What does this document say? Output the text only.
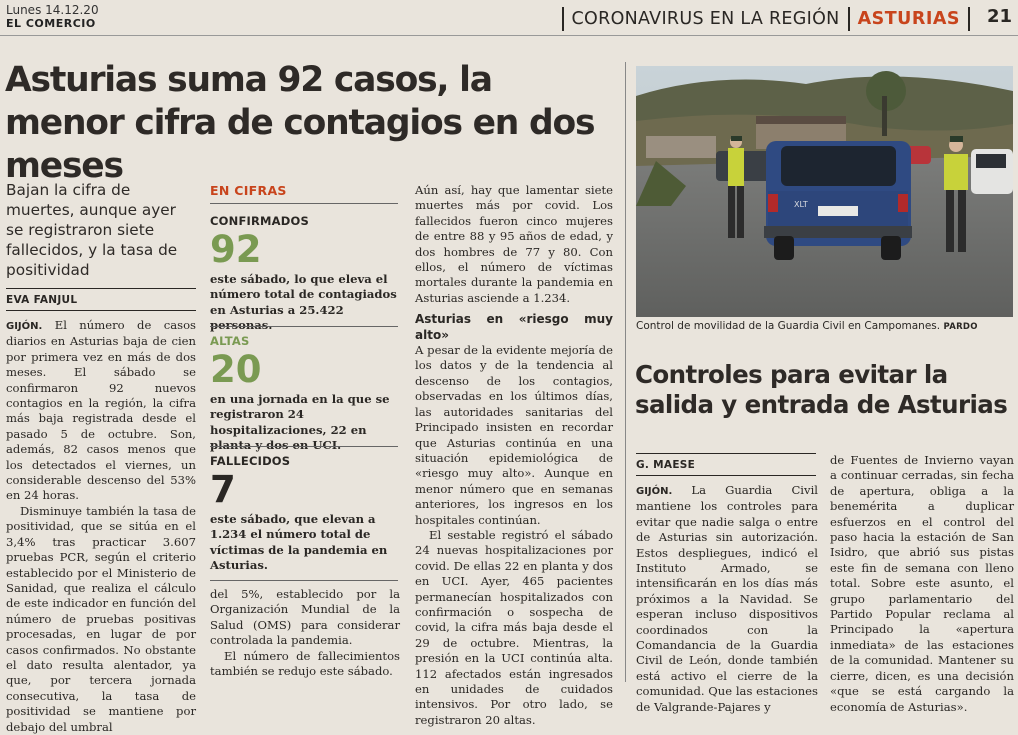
Lunes 14.12.20
EL COMERCIO	CORONAVIRUS EN LA REGIÓN ASTURIAS 21
Asturias suma 92 casos, la menor cifra de contagios en dos meses
Bajan la cifra de muertes, aunque ayer se registraron siete fallecidos, y la tasa de positividad
EVA FANJUL

GIJÓN. El número de casos diarios en Asturias baja de cien por primera vez en más de dos meses. El sábado se confirmaron 92 nuevos contagios en la región, la cifra más baja registrada desde el pasado 5 de octubre. Son, además, 82 casos menos que los detectados el viernes, un considerable descenso del 53% en 24 horas.

Disminuye también la tasa de positividad, que se sitúa en el 3,4% tras practicar 3.607 pruebas PCR, según el criterio establecido por el Ministerio de Sanidad, que realiza el cálculo de este indicador en función del número de pruebas positivas procesadas, en lugar de por casos confirmados. No obstante el dato resulta alentador, ya que, por tercera jornada consecutiva, la tasa de positividad se mantiene por debajo del umbral

EN CIFRAS
CONFIRMADOS
92
este sábado, lo que eleva el número total de contagiados en Asturias a 25.422
ALTAS
20
en una jornada en la que se registraron 24 hospitalizaciones, 22 en
FALLECIDOS
7
este sábado, que elevan a 1.234 el número total de víctimas de la pandemia en Asturias.

del 5%, establecido por la Organización Mundial de la Salud (OMS) para considerar controlada la pandemia.

El número de fallecimientos también se redujo este sábado.

Aún así, hay que lamentar siete muertes más por covid. Los fallecidos fueron cinco mujeres de entre 88 y 95 años de edad, y dos hombres de 77 y 80. Con ellos, el número de víctimas mortales durante la pandemia en Asturias asciende a 1.234.

Asturias en «riesgo muy alto»

A pesar de la evidente mejoría de los datos y de la tendencia al descenso de los contagios, observadas en los últimos días, las autoridades sanitarias del Principado insisten en recordar que Asturias continúa en una situación epidemiológica de «riesgo muy alto». Aunque en menor número que en semanas anteriores, los ingresos en los hospitales continúan.

El sestable registró el sábado 24 nuevas hospitalizaciones por covid. De ellas 22 en planta y dos en UCI. Ayer, 465 pacientes permanecían hospitalizados con confirmación o sospecha de covid, la cifra más baja desde el 29 de octubre. Mientras, la presión en la UCI continúa alta. 112 afectados están ingresados en unidades de cuidados intensivos. Por otro lado, se registraron 20 altas.

XLT
Control de movilidad de la Guardia Civil en Campomanes. PARDO
Controles para evitar la salida y entrada de Asturias
G. MAESE

GIJÓN. La Guardia Civil mantiene los controles para evitar que nadie salga o entre de Asturias sin autorización. Estos despliegues, indicó el Instituto Armado, se intensificarán en los días más próximos a la Navidad. Se esperan incluso dispositivos coordinados con la Comandancia de la Guardia Civil de León, donde también está activo el cierre de la comunidad. Que las estaciones de Valgrande-Pajares y

de Fuentes de Invierno vayan a continuar cerradas, sin fecha de apertura, obliga a la benemérita a duplicar esfuerzos en el control del paso hacia la estación de San Isidro, que abrió sus pistas este fin de semana con lleno total. Sobre este asunto, el grupo parlamentario del Partido Popular reclama al Principado la «apertura inmediata» de las estaciones de la comunidad. Mantener su cierre, dicen, es una decisión «que se está cargando la economía de Asturias».
